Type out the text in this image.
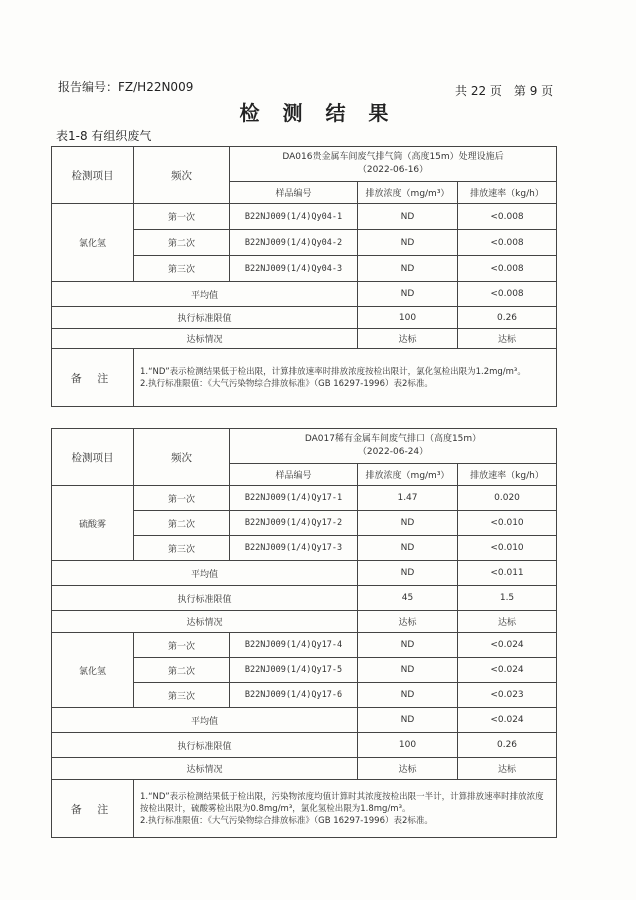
报告编号：FZ/H22N009	共 22 页　第 9 页
检 测 结 果
表1-8 有组织废气
检测项目	频次	DA016贵金属车间废气排气筒（高度15m）处理设施后
（2022-06-16）		

		样品编号	排放浓度（mg/m³）	排放速率（kg/h）
氯化氢	第一次	B22NJ009(1/4)Qy04-1	ND	<0.008
	第二次	B22NJ009(1/4)Qy04-2	ND	<0.008
	第三次	B22NJ009(1/4)Qy04-3	ND	<0.008
平均值			ND	<0.008
执行标准限值			100	0.26
达标情况			达标	达标
备 注	1.“ND”表示检测结果低于检出限，计算排放速率时排放浓度按检出限计，氯化氢检出限为1.2mg/m³。
2.执行标准限值：《大气污染物综合排放标准》（GB 16297-1996）表2标准。			
检测项目	频次	DA017稀有金属车间废气排口（高度15m）
（2022-06-24）		

		样品编号	排放浓度（mg/m³）	排放速率（kg/h）
硫酸雾	第一次	B22NJ009(1/4)Qy17-1	1.47	0.020
	第二次	B22NJ009(1/4)Qy17-2	ND	<0.010
	第三次	B22NJ009(1/4)Qy17-3	ND	<0.010
平均值			ND	<0.011
执行标准限值			45	1.5
达标情况			达标	达标
氯化氢	第一次	B22NJ009(1/4)Qy17-4	ND	<0.024
	第二次	B22NJ009(1/4)Qy17-5	ND	<0.024
	第三次	B22NJ009(1/4)Qy17-6	ND	<0.023
平均值			ND	<0.024
执行标准限值			100	0.26
达标情况			达标	达标
备 注	1.“ND”表示检测结果低于检出限，污染物浓度均值计算时其浓度按检出限一半计，计算排放速率时排放浓度按检出限计，硫酸雾检出限为0.8mg/m³，氯化氢检出限为1.8mg/m³。
2.执行标准限值：《大气污染物综合排放标准》（GB 16297-1996）表2标准。			
